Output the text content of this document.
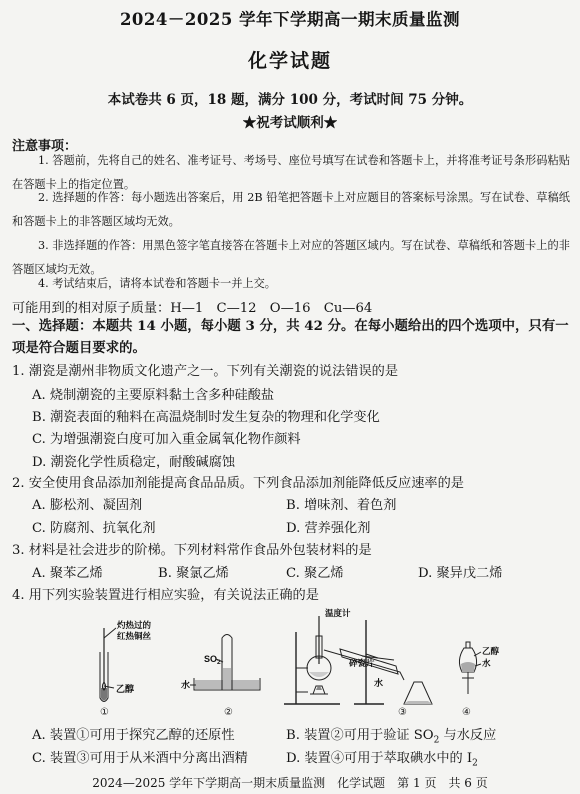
2024－2025 学年下学期高一期末质量监测
化学试题
本试卷共 6 页，18 题，满分 100 分，考试时间 75 分钟。
★祝考试顺利★
注意事项：
1. 答题前，先将自己的姓名、准考证号、考场号、座位号填写在试卷和答题卡上，并将准考证号条形码粘贴在答题卡上的指定位置。
2. 选择题的作答：每小题选出答案后，用 2B 铅笔把答题卡上对应题目的答案标号涂黑。写在试卷、草稿纸和答题卡上的非答题区域均无效。
3. 非选择题的作答：用黑色签字笔直接答在答题卡上对应的答题区域内。写在试卷、草稿纸和答题卡上的非答题区域均无效。
4. 考试结束后，请将本试卷和答题卡一并上交。
可能用到的相对原子质量：H—1　C—12　O—16　Cu—64
一、选择题：本题共 14 小题，每小题 3 分，共 42 分。在每小题给出的四个选项中，只有一项是符合题目要求的。
1. 潮瓷是潮州非物质文化遗产之一。下列有关潮瓷的说法错误的是
A. 烧制潮瓷的主要原料黏土含多种硅酸盐
B. 潮瓷表面的釉料在高温烧制时发生复杂的物理和化学变化
C. 为增强潮瓷白度可加入重金属氧化物作颜料
D. 潮瓷化学性质稳定，耐酸碱腐蚀
2. 安全使用食品添加剂能提高食品品质。下列食品添加剂能降低反应速率的是
A. 膨松剂、凝固剂	B. 增味剂、着色剂
C. 防腐剂、抗氧化剂	D. 营养强化剂
3. 材料是社会进步的阶梯。下列材料常作食品外包装材料的是
A. 聚苯乙烯	B. 聚氯乙烯	C. 聚乙烯	D. 聚异戊二烯
4. 用下列实验装置进行相应实验，有关说法正确的是
灼热过的
红热铜丝
乙醇
①
$SO_2$
水
②
温度计
碎瓷片
水
③
乙醇
水
④
A. 装置①可用于探究乙醇的还原性	B. 装置②可用于验证 $SO_2$ 与水反应
C. 装置③可用于从米酒中分离出酒精	D. 装置④可用于萃取碘水中的 $I_2$
2024—2025 学年下学期高一期末质量监测　化学试题　第 1 页　共 6 页
